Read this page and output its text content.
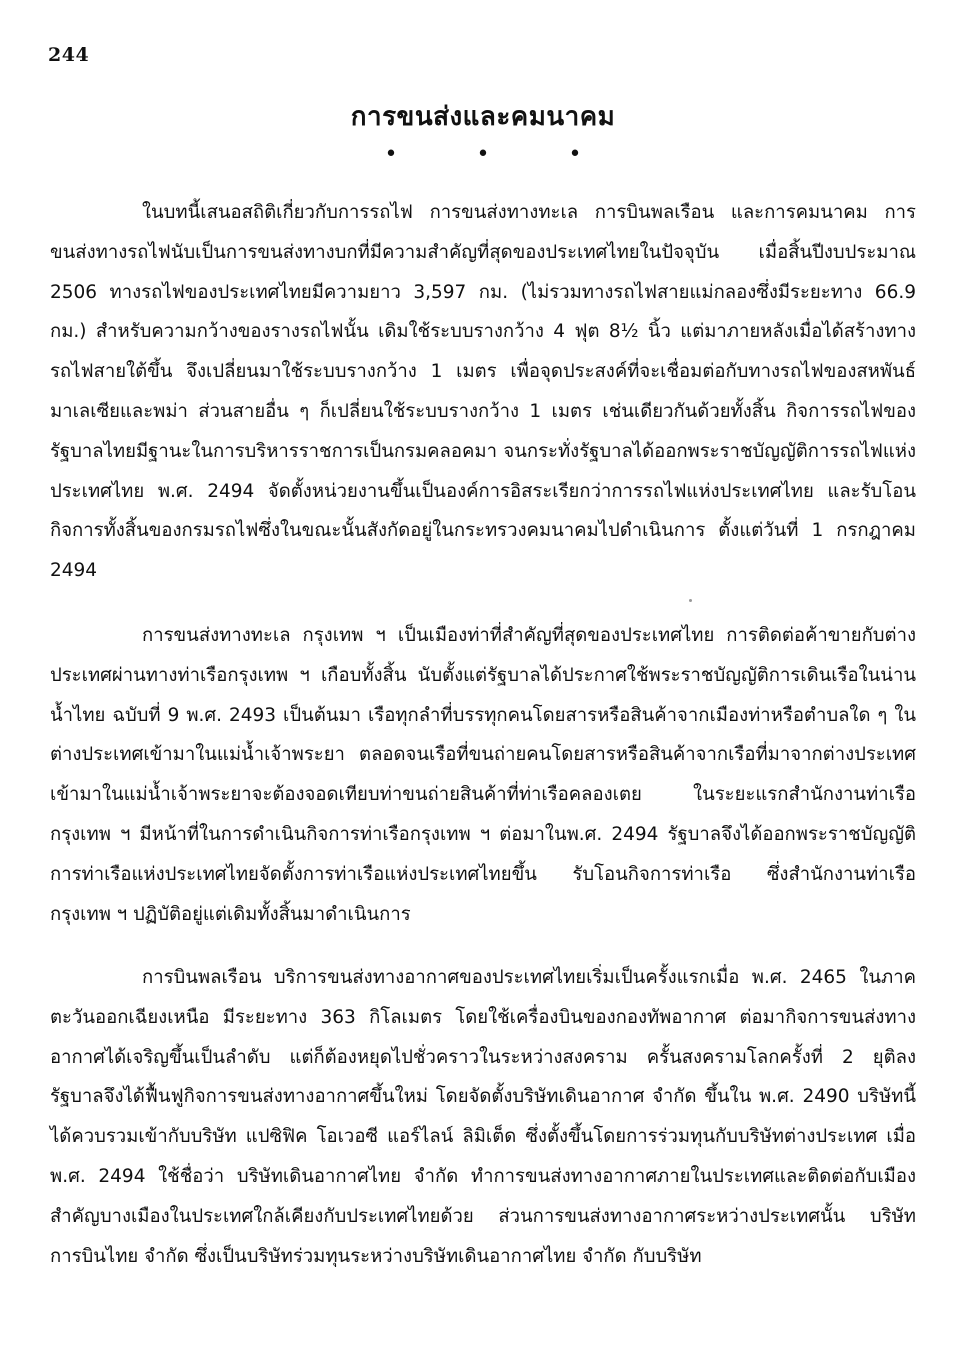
244
การขนส่งและคมนาคม
• • •

ในบทนี้เสนอสถิติเกี่ยวกับการรถไฟ การขนส่งทางทะเล การบินพลเรือน และการคมนาคม การขนส่งทางรถไฟนับเป็นการขนส่งทางบกที่มีความสำคัญที่สุดของประเทศไทยในปัจจุบัน เมื่อสิ้นปีงบประมาณ 2506 ทางรถไฟของประเทศไทยมีความยาว 3,597 กม. (ไม่รวมทางรถไฟสายแม่กลองซึ่งมีระยะทาง 66.9 กม.) สำหรับความกว้างของรางรถไฟนั้น เดิมใช้ระบบรางกว้าง 4 ฟุต 8½ นิ้ว แต่มาภายหลังเมื่อได้สร้างทางรถไฟสายใต้ขึ้น จึงเปลี่ยนมาใช้ระบบรางกว้าง 1 เมตร เพื่อจุดประสงค์ที่จะเชื่อมต่อกับทางรถไฟของสหพันธ์มาเลเซียและพม่า ส่วนสายอื่น ๆ ก็เปลี่ยนใช้ระบบรางกว้าง 1 เมตร เช่นเดียวกันด้วยทั้งสิ้น กิจการรถไฟของรัฐบาลไทยมีฐานะในการบริหารราชการเป็นกรมคลอคมา จนกระทั่งรัฐบาลได้ออกพระราชบัญญัติการรถไฟแห่งประเทศไทย พ.ศ. 2494 จัดตั้งหน่วยงานขึ้นเป็นองค์การอิสระเรียกว่าการรถไฟแห่งประเทศไทย และรับโอนกิจการทั้งสิ้นของกรมรถไฟซึ่งในขณะนั้นสังกัดอยู่ในกระทรวงคมนาคมไปดำเนินการ ตั้งแต่วันที่ 1 กรกฎาคม 2494

การขนส่งทางทะเล กรุงเทพ ฯ เป็นเมืองท่าที่สำคัญที่สุดของประเทศไทย การติดต่อค้าขายกับต่างประเทศผ่านทางท่าเรือกรุงเทพ ฯ เกือบทั้งสิ้น นับตั้งแต่รัฐบาลได้ประกาศใช้พระราชบัญญัติการเดินเรือในน่านน้ำไทย ฉบับที่ 9 พ.ศ. 2493 เป็นต้นมา เรือทุกลำที่บรรทุกคนโดยสารหรือสินค้าจากเมืองท่าหรือตำบลใด ๆ ในต่างประเทศเข้ามาในแม่น้ำเจ้าพระยา ตลอดจนเรือที่ขนถ่ายคนโดยสารหรือสินค้าจากเรือที่มาจากต่างประเทศเข้ามาในแม่น้ำเจ้าพระยาจะต้องจอดเทียบท่าขนถ่ายสินค้าที่ท่าเรือคลองเตย ในระยะแรกสำนักงานท่าเรือกรุงเทพ ฯ มีหน้าที่ในการดำเนินกิจการท่าเรือกรุงเทพ ฯ ต่อมาในพ.ศ. 2494 รัฐบาลจึงได้ออกพระราชบัญญัติการท่าเรือแห่งประเทศไทยจัดตั้งการท่าเรือแห่งประเทศไทยขึ้น รับโอนกิจการท่าเรือ ซึ่งสำนักงานท่าเรือกรุงเทพ ฯ ปฏิบัติอยู่แต่เดิมทั้งสิ้นมาดำเนินการ

การบินพลเรือน บริการขนส่งทางอากาศของประเทศไทยเริ่มเป็นครั้งแรกเมื่อ พ.ศ. 2465 ในภาคตะวันออกเฉียงเหนือ มีระยะทาง 363 กิโลเมตร โดยใช้เครื่องบินของกองทัพอากาศ ต่อมากิจการขนส่งทางอากาศได้เจริญขึ้นเป็นลำดับ แต่ก็ต้องหยุดไปชั่วคราวในระหว่างสงคราม ครั้นสงครามโลกครั้งที่ 2 ยุติลง รัฐบาลจึงได้ฟื้นฟูกิจการขนส่งทางอากาศขึ้นใหม่ โดยจัดตั้งบริษัทเดินอากาศ จำกัด ขึ้นใน พ.ศ. 2490 บริษัทนี้ได้ควบรวมเข้ากับบริษัท แปซิฟิค โอเวอซี แอร์ไลน์ ลิมิเต็ด ซึ่งตั้งขึ้นโดยการร่วมทุนกับบริษัทต่างประเทศ เมื่อ พ.ศ. 2494 ใช้ชื่อว่า บริษัทเดินอากาศไทย จำกัด ทำการขนส่งทางอากาศภายในประเทศและติดต่อกับเมืองสำคัญบางเมืองในประเทศใกล้เคียงกับประเทศไทยด้วย ส่วนการขนส่งทางอากาศระหว่างประเทศนั้น บริษัทการบินไทย จำกัด ซึ่งเป็นบริษัทร่วมทุนระหว่างบริษัทเดินอากาศไทย จำกัด กับบริษัท
